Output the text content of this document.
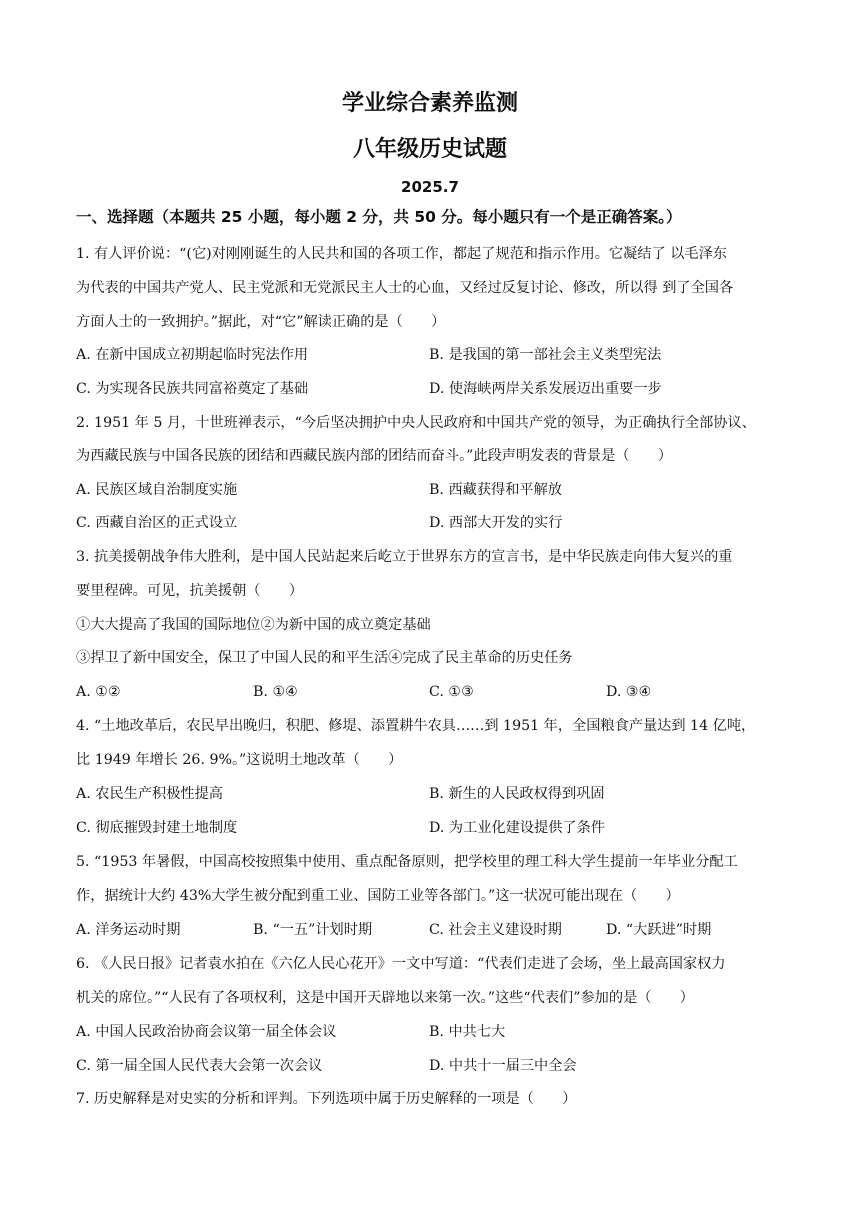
学业综合素养监测
八年级历史试题
2025.7
一、选择题（本题共 25 小题，每小题 2 分，共 50 分。每小题只有一个是正确答案。）
1. 有人评价说：“(它)对刚刚诞生的人民共和国的各项工作，都起了规范和指示作用。它凝结了 以毛泽东
为代表的中国共产党人、民主党派和无党派民主人士的心血，又经过反复讨论、修改，所以得 到了全国各
方面人士的一致拥护。”据此，对“它”解读正确的是（　　）
A. 在新中国成立初期起临时宪法作用	B. 是我国的第一部社会主义类型宪法
C. 为实现各民族共同富裕奠定了基础	D. 使海峡两岸关系发展迈出重要一步
2. 1951 年 5 月，十世班禅表示，“今后坚决拥护中央人民政府和中国共产党的领导，为正确执行全部协议、
为西藏民族与中国各民族的团结和西藏民族内部的团结而奋斗。”此段声明发表的背景是（　　）
A. 民族区域自治制度实施	B. 西藏获得和平解放
C. 西藏自治区的正式设立	D. 西部大开发的实行
3. 抗美援朝战争伟大胜利，是中国人民站起来后屹立于世界东方的宣言书，是中华民族走向伟大复兴的重
要里程碑。可见，抗美援朝（　　）
①大大提高了我国的国际地位②为新中国的成立奠定基础
③捍卫了新中国安全，保卫了中国人民的和平生活④完成了民主革命的历史任务
A. ①②	B. ①④	C. ①③	D. ③④
4. “土地改革后，农民早出晚归，积肥、修堤、添置耕牛农具……到 1951 年，全国粮食产量达到 14 亿吨，
比 1949 年增长 26. 9%。”这说明土地改革（　　）
A. 农民生产积极性提高	B. 新生的人民政权得到巩固
C. 彻底摧毁封建土地制度	D. 为工业化建设提供了条件
5. “1953 年暑假，中国高校按照集中使用、重点配备原则，把学校里的理工科大学生提前一年毕业分配工
作，据统计大约 43%大学生被分配到重工业、国防工业等各部门。”这一状况可能出现在（　　）
A. 洋务运动时期	B. “一五”计划时期	C. 社会主义建设时期	D. “大跃进”时期
6. 《人民日报》记者袁水拍在《六亿人民心花开》一文中写道：“代表们走进了会场，坐上最高国家权力
机关的席位。”“人民有了各项权利，这是中国开天辟地以来第一次。”这些“代表们”参加的是（　　）
A. 中国人民政治协商会议第一届全体会议	B. 中共七大
C. 第一届全国人民代表大会第一次会议	D. 中共十一届三中全会
7. 历史解释是对史实的分析和评判。下列选项中属于历史解释的一项是（　　）
